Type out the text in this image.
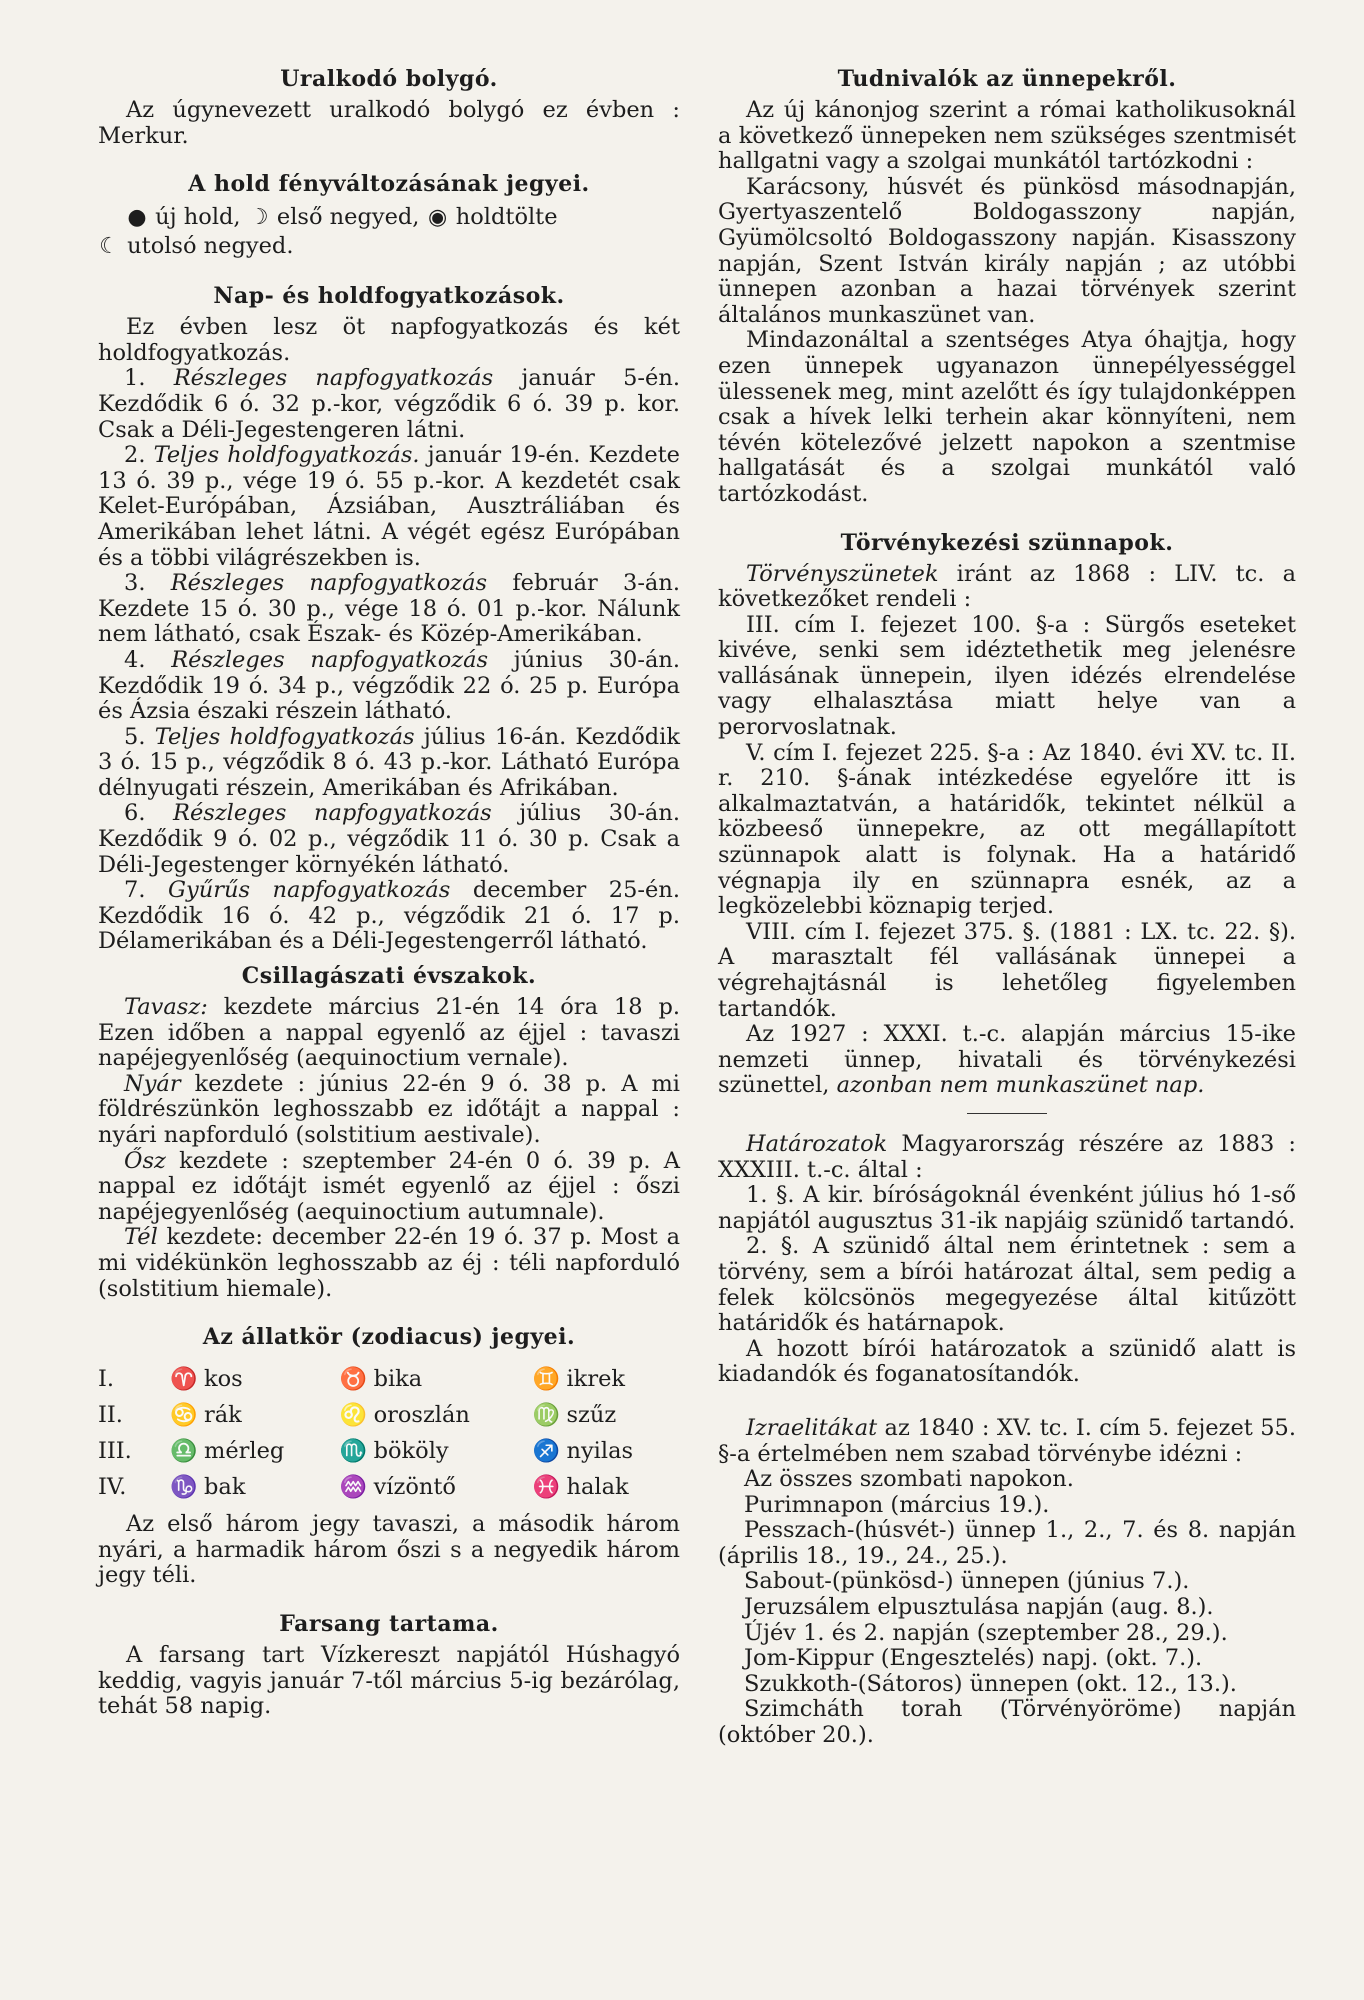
Uralkodó bolygó.

Az úgynevezett uralkodó bolygó ez évben : Merkur.

A hold fényváltozásának jegyei.
● új hold, ☽ első negyed, ◉ holdtölte
☾ utolsó negyed.
Nap- és holdfogyatkozások.

Ez évben lesz öt napfogyatkozás és két holdfogyatkozás.

1. Részleges napfogyatkozás január 5-én. Kezdődik 6 ó. 32 p.-kor, végződik 6 ó. 39 p. kor. Csak a Déli-Jegestengeren látni.

2. Teljes holdfogyatkozás. január 19-én. Kezdete 13 ó. 39 p., vége 19 ó. 55 p.-kor. A kezdetét csak Kelet-Európában, Ázsiában, Ausztráliában és Amerikában lehet látni. A végét egész Európában és a többi világrészekben is.

3. Részleges napfogyatkozás február 3-án. Kezdete 15 ó. 30 p., vége 18 ó. 01 p.-kor. Nálunk nem látható, csak Észak- és Közép-Amerikában.

4. Részleges napfogyatkozás június 30-án. Kezdődik 19 ó. 34 p., végződik 22 ó. 25 p. Európa és Ázsia északi részein látható.

5. Teljes holdfogyatkozás július 16-án. Kezdődik 3 ó. 15 p., végződik 8 ó. 43 p.-kor. Látható Európa délnyugati részein, Amerikában és Afrikában.

6. Részleges napfogyatkozás július 30-án. Kezdődik 9 ó. 02 p., végződik 11 ó. 30 p. Csak a Déli-Jegestenger környékén látható.

7. Gyűrűs napfogyatkozás december 25-én. Kezdődik 16 ó. 42 p., végződik 21 ó. 17 p. Délamerikában és a Déli-Jegestengerről látható.

Csillagászati évszakok.

Tavasz: kezdete március 21-én 14 óra 18 p. Ezen időben a nappal egyenlő az éjjel : tavaszi napéjegyenlőség (aequinoctium vernale).

Nyár kezdete : június 22-én 9 ó. 38 p. A mi földrészünkön leghosszabb ez időtájt a nappal : nyári napforduló (solstitium aestivale).

Ősz kezdete : szeptember 24-én 0 ó. 39 p. A nappal ez időtájt ismét egyenlő az éjjel : őszi napéjegyenlőség (aequinoctium autumnale).

Tél kezdete: december 22-én 19 ó. 37 p. Most a mi vidékünkön leghosszabb az éj : téli napforduló (solstitium hiemale).

Az állatkör (zodiacus) jegyei.
I.	♈ kos	♉ bika	♊ ikrek
II.	♋ rák	♌ oroszlán	♍ szűz
III.	♎ mérleg	♏ bököly	♐ nyilas
IV.	♑ bak	♒ vízöntő	♓ halak

Az első három jegy tavaszi, a második három nyári, a harmadik három őszi s a negyedik három jegy téli.

Farsang tartama.

A farsang tart Vízkereszt napjától Húshagyó keddig, vagyis január 7-től március 5-ig bezárólag, tehát 58 napig.

Tudnivalók az ünnepekről.

Az új kánonjog szerint a római katholikusoknál a következő ünnepeken nem szükséges szentmisét hallgatni vagy a szolgai munkától tartózkodni :

Karácsony, húsvét és pünkösd másodnapján, Gyertyaszentelő Boldogasszony napján, Gyümölcsoltó Boldogasszony napján. Kisasszony napján, Szent István király napján ; az utóbbi ünnepen azonban a hazai törvények szerint általános munkaszünet van.

Mindazonáltal a szentséges Atya óhajtja, hogy ezen ünnepek ugyanazon ünnepélyességgel ülessenek meg, mint azelőtt és így tulajdonképpen csak a hívek lelki terhein akar könnyíteni, nem tévén kötelezővé jelzett napokon a szentmise hallgatását és a szolgai munkától való tartózkodást.

Törvénykezési szünnapok.

Törvényszünetek iránt az 1868 : LIV. tc. a következőket rendeli :

III. cím I. fejezet 100. §-a : Sürgős eseteket kivéve, senki sem idéztethetik meg jelenésre vallásának ünnepein, ilyen idézés elrendelése vagy elhalasztása miatt helye van a perorvoslatnak.

V. cím I. fejezet 225. §-a : Az 1840. évi XV. tc. II. r. 210. §-ának intézkedése egyelőre itt is alkalmaztatván, a határidők, tekintet nélkül a közbeeső ünnepekre, az ott megállapított szünnapok alatt is folynak. Ha a határidő végnapja ily en szünnapra esnék, az a legközelebbi köznapig terjed.

VIII. cím I. fejezet 375. §. (1881 : LX. tc. 22. §). A marasztalt fél vallásának ünnepei a végrehajtásnál is lehetőleg figyelemben tartandók.

Az 1927 : XXXI. t.-c. alapján március 15-ike nemzeti ünnep, hivatali és törvénykezési szünettel, azonban nem munkaszünet nap.

Határozatok Magyarország részére az 1883 : XXXIII. t.-c. által :

1. §. A kir. bíróságoknál évenként július hó 1-ső napjától augusztus 31-ik napjáig szünidő tartandó.

2. §. A szünidő által nem érintetnek : sem a törvény, sem a bírói határozat által, sem pedig a felek kölcsönös megegyezése által kitűzött határidők és határnapok.

A hozott bírói határozatok a szünidő alatt is kiadandók és foganatosítandók.

Izraelitákat az 1840 : XV. tc. I. cím 5. fejezet 55. §-a értelmében nem szabad törvénybe idézni :

Az összes szombati napokon.

Purimnapon (március 19.).

Pesszach-(húsvét-) ünnep 1., 2., 7. és 8. napján (április 18., 19., 24., 25.).

Sabout-(pünkösd-) ünnepen (június 7.).

Jeruzsálem elpusztulása napján (aug. 8.).

Újév 1. és 2. napján (szeptember 28., 29.).

Jom-Kippur (Engesztelés) napj. (okt. 7.).

Szukkoth-(Sátoros) ünnepen (okt. 12., 13.).

Szimcháth torah (Törvényöröme) napján (október 20.).
